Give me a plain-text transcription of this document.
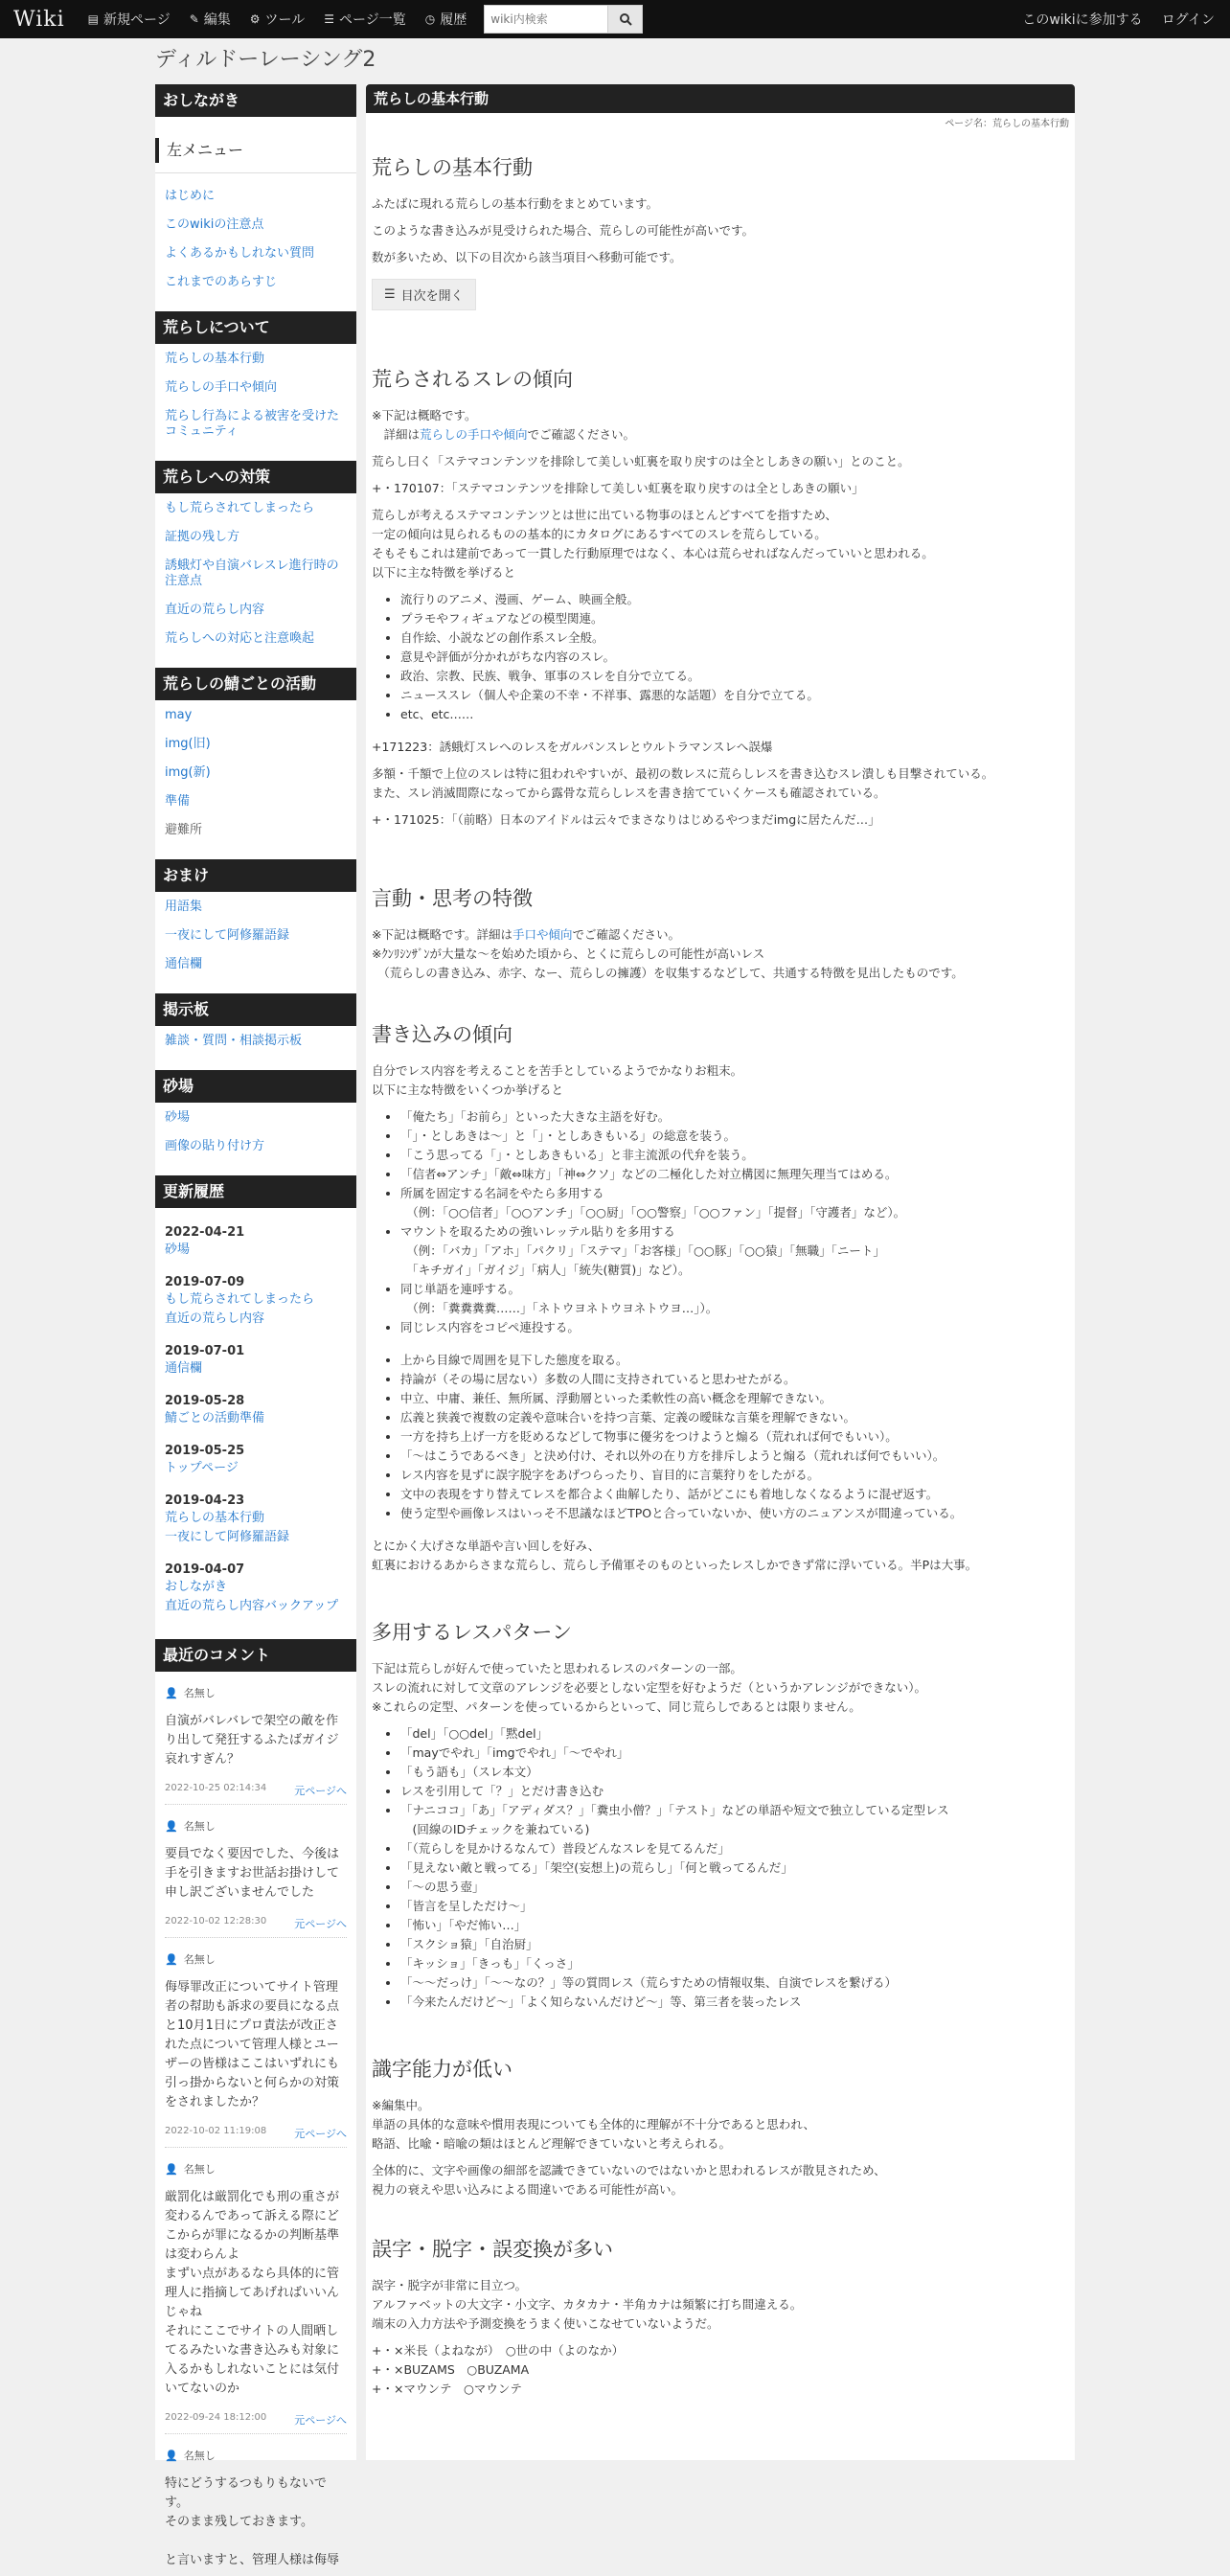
Wiki ▤ 新規ページ ✎ 編集 ⚙ ツール ☰ ページ一覧 ◷ 履歴
wiki内検索	このwikiに参加する	ログイン
ディルドーレーシング2
おしながき
左メニュー
はじめに
このwikiの注意点
よくあるかもしれない質問
これまでのあらすじ
荒らしについて
荒らしの基本行動
荒らしの手口や傾向
荒らし行為による被害を受けたコミュニティ
荒らしへの対策
もし荒らされてしまったら
証拠の残し方
誘蛾灯や自演バレスレ進行時の注意点
直近の荒らし内容
荒らしへの対応と注意喚起
荒らしの鯖ごとの活動
may
img(旧)
img(新)
準備
避難所
おまけ
用語集
一夜にして阿修羅語録
通信欄
掲示板
雑談・質問・相談掲示板
砂場
砂場
画像の貼り付け方
更新履歴
2022-04-21
砂場
2019-07-09
もし荒らされてしまったら
直近の荒らし内容
2019-07-01
通信欄
2019-05-28
鯖ごとの活動準備
2019-05-25
トップページ
2019-04-23
荒らしの基本行動
一夜にして阿修羅語録
2019-04-07
おしながき
直近の荒らし内容バックアップ
最近のコメント
👤 名無し
自演がバレバレで架空の敵を作り出して発狂するふたばガイジ哀れすぎん？
2022-10-25 02:14:34	元ページへ
👤 名無し
要員でなく要因でした、今後は手を引きますお世話お掛けして申し訳ございませんでした
2022-10-02 12:28:30	元ページへ
👤 名無し
侮辱罪改正についてサイト管理者の幇助も訴求の要員になる点と10月1日にプロ責法が改正された点について管理人様とユーザーの皆様はここはいずれにも引っ掛からないと何らかの対策をされましたか？
2022-10-02 11:19:08	元ページへ
👤 名無し
厳罰化は厳罰化でも刑の重さが変わるんであって訴える際にどこからが罪になるかの判断基準は変わらんよ
まずい点があるなら具体的に管理人に指摘してあげればいいんじゃね
それにここでサイトの人間晒してるみたいな書き込みも対象に入るかもしれないことには気付いてないのか
2022-09-24 18:12:00	元ページへ
👤 名無し
特にどうするつもりもないです。
そのまま残しておきます。

と言いますと、管理人様は侮辱
荒らしの基本行動
ページ名：荒らしの基本行動
荒らしの基本行動

ふたばに現れる荒らしの基本行動をまとめています。

このような書き込みが見受けられた場合、荒らしの可能性が高いです。

数が多いため、以下の目次から該当項目へ移動可能です。

☰ 目次を開く
荒らされるスレの傾向

※下記は概略です。

　詳細は荒らしの手口や傾向でご確認ください。

荒らし曰く「ステマコンテンツを排除して美しい虹裏を取り戻すのは全としあきの願い」とのこと。

+・170107：「ステマコンテンツを排除して美しい虹裏を取り戻すのは全としあきの願い」

荒らしが考えるステマコンテンツとは世に出ている物事のほとんどすべてを指すため、
一定の傾向は見られるものの基本的にカタログにあるすべてのスレを荒らしている。
そもそもこれは建前であって一貫した行動原理ではなく、本心は荒らせればなんだっていいと思われる。
以下に主な特徴を挙げると
• 流行りのアニメ、漫画、ゲーム、映画全般。
• プラモやフィギュアなどの模型関連。
• 自作絵、小説などの創作系スレ全般。
• 意見や評価が分かれがちな内容のスレ。
• 政治、宗教、民族、戦争、軍事のスレを自分で立てる。
• ニューススレ（個人や企業の不幸・不祥事、露悪的な話題）を自分で立てる。
• etc、etc……

+171223：誘蛾灯スレへのレスをガルパンスレとウルトラマンスレへ誤爆

多額・千額で上位のスレは特に狙われやすいが、最初の数レスに荒らしレスを書き込むスレ潰しも目撃されている。
また、スレ消滅間際になってから露骨な荒らしレスを書き捨てていくケースも確認されている。

+・171025：「（前略）日本のアイドルは云々でまさなりはじめるやつまだimgに居たんだ…」

言動・思考の特徴

※下記は概略です。詳細は手口や傾向でご確認ください。

※ｸﾝﾘｼﾝｻﾞﾝが大量な～を始めた頃から、とくに荒らしの可能性が高いレス
　（荒らしの書き込み、赤字、なー、荒らしの擁護）を収集するなどして、共通する特徴を見出したものです。
書き込みの傾向
自分でレス内容を考えることを苦手としているようでかなりお粗末。
以下に主な特徴をいくつか挙げると
• 「俺たち」「お前ら」といった大きな主語を好む。
• 「」・としあきは～」と「」・としあきもいる」の総意を装う。
• 「こう思ってる「」・としあきもいる」と非主流派の代弁を装う。
• 「信者⇔アンチ」「敵⇔味方」「神⇔クソ」などの二極化した対立構図に無理矢理当てはめる。
• 所属を固定する名詞をやたら多用する
　（例：「○○信者」「○○アンチ」「○○厨」「○○警察」「○○ファン」「提督」「守護者」など）。
• マウントを取るための強いレッテル貼りを多用する
　（例：「バカ」「アホ」「パクリ」「ステマ」「お客様」「○○豚」「○○猿」「無職」「ニート」
　「キチガイ」「ガイジ」「病人」「統失(糖質)」など）。
• 同じ単語を連呼する。
　（例：「糞糞糞糞……」「ネトウヨネトウヨネトウヨ…」）。
• 同じレス内容をコピペ連投する。
• 上から目線で周囲を見下した態度を取る。
• 持論が（その場に居ない）多数の人間に支持されていると思わせたがる。
• 中立、中庸、兼任、無所属、浮動層といった柔軟性の高い概念を理解できない。
• 広義と狭義で複数の定義や意味合いを持つ言葉、定義の曖昧な言葉を理解できない。
• 一方を持ち上げ一方を貶めるなどして物事に優劣をつけようと煽る（荒れれば何でもいい）。
• 「～はこうであるべき」と決め付け、それ以外の在り方を排斥しようと煽る（荒れれば何でもいい）。
• レス内容を見ずに誤字脱字をあげつらったり、盲目的に言葉狩りをしたがる。
• 文中の表現をすり替えてレスを都合よく曲解したり、話がどこにも着地しなくなるように混ぜ返す。
• 使う定型や画像レスはいっそ不思議なほどTPOと合っていないか、使い方のニュアンスが間違っている。
とにかく大げさな単語や言い回しを好み、
虹裏におけるあからさまな荒らし、荒らし予備軍そのものといったレスしかできず常に浮いている。半Pは大事。
多用するレスパターン
下記は荒らしが好んで使っていたと思われるレスのパターンの一部。
スレの流れに対して文章のアレンジを必要としない定型を好むようだ（というかアレンジができない）。
※これらの定型、パターンを使っているからといって、同じ荒らしであるとは限りません。
• 「del」「○○del」「黙del」
• 「mayでやれ」「imgでやれ」「～でやれ」
• 「もう語も」（スレ本文）
• レスを引用して「？」とだけ書き込む
• 「ナニココ」「あ」「アディダス？」「糞虫小僧？」「テスト」などの単語や短文で独立している定型レス
　(回線のIDチェックを兼ねている)
• 「（荒らしを見かけるなんて）普段どんなスレを見てるんだ」
• 「見えない敵と戦ってる」「架空(妄想上)の荒らし」「何と戦ってるんだ」
• 「～の思う壺」
• 「皆言を呈しただけ～」
• 「怖い」「やだ怖い…」
• 「スクショ猿」「自治厨」
• 「キッショ」「きっも」「くっさ」
• 「～～だっけ」「～～なの？」等の質問レス（荒らすための情報収集、自演でレスを繋げる）
• 「今来たんだけど～」「よく知らないんだけど～」等、第三者を装ったレス
識字能力が低い
※編集中。
単語の具体的な意味や慣用表現についても全体的に理解が不十分であると思われ、
略語、比喩・暗喩の類はほとんど理解できていないと考えられる。
全体的に、文字や画像の細部を認識できていないのではないかと思われるレスが散見されため、
視力の衰えや思い込みによる間違いである可能性が高い。
誤字・脱字・誤変換が多い
誤字・脱字が非常に目立つ。
アルファベットの大文字・小文字、カタカナ・半角カナは頻繁に打ち間違える。
端末の入力方法や予測変換をうまく使いこなせていないようだ。
+・×米長（よねなが）　○世の中（よのなか）
+・×BUZAMS　○BUZAMA
+・×マウンテ　○マウンテ
